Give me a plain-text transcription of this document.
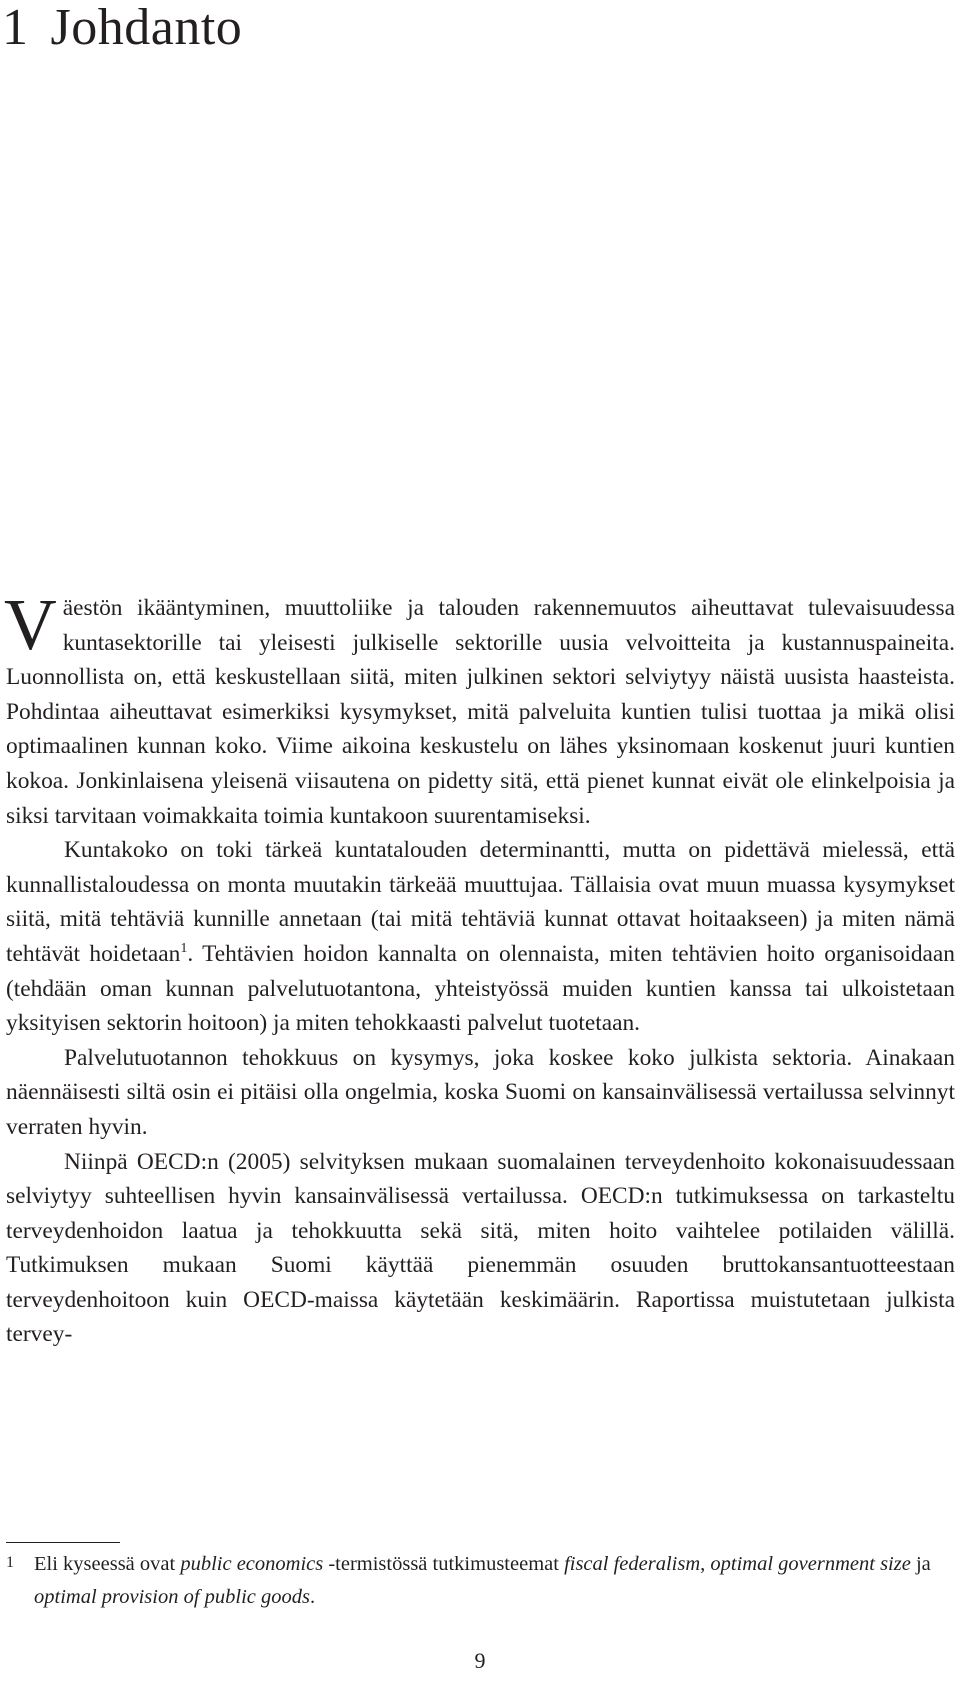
1 Johdanto

Väestön ikääntyminen, muuttoliike ja talouden rakennemuutos aiheuttavat tulevaisuudessa kuntasektorille tai yleisesti julkiselle sektorille uusia velvoitteita ja kustannuspaineita. Luonnollista on, että keskustellaan siitä, miten julkinen sektori selviytyy näistä uusista haasteista. Pohdintaa aiheuttavat esimerkiksi kysymykset, mitä palveluita kuntien tulisi tuottaa ja mikä olisi optimaalinen kunnan koko. Viime aikoina keskustelu on lähes yksinomaan koskenut juuri kuntien kokoa. Jonkinlaisena yleisenä viisautena on pidetty sitä, että pienet kunnat eivät ole elinkelpoisia ja siksi tarvitaan voimakkaita toimia kuntakoon suurentamiseksi.

Kuntakoko on toki tärkeä kuntatalouden determinantti, mutta on pidettävä mielessä, että kunnallistaloudessa on monta muutakin tärkeää muuttujaa. Tällaisia ovat muun muassa kysymykset siitä, mitä tehtäviä kunnille annetaan (tai mitä tehtäviä kunnat ottavat hoitaakseen) ja miten nämä tehtävät hoidetaan$^1$. Tehtävien hoidon kannalta on olennaista, miten tehtävien hoito organisoidaan (tehdään oman kunnan palvelutuotantona, yhteistyössä muiden kuntien kanssa tai ulkoistetaan yksityisen sektorin hoitoon) ja miten tehokkaasti palvelut tuotetaan.

Palvelutuotannon tehokkuus on kysymys, joka koskee koko julkista sektoria. Ainakaan näennäisesti siltä osin ei pitäisi olla ongelmia, koska Suomi on kansainvälisessä vertailussa selvinnyt verraten hyvin.

Niinpä OECD:n (2005) selvityksen mukaan suomalainen terveydenhoito kokonaisuudessaan selviytyy suhteellisen hyvin kansainvälisessä vertailussa. OECD:n tutkimuksessa on tarkasteltu terveydenhoidon laatua ja tehokkuutta sekä sitä, miten hoito vaihtelee potilaiden välillä. Tutkimuksen mukaan Suomi käyttää pienemmän osuuden bruttokansantuotteestaan terveydenhoitoon kuin OECD-maissa käytetään keskimäärin. Raportissa muistutetaan julkista tervey-

1 Eli kyseessä ovat public economics -termistössä tutkimusteemat fiscal federalism, optimal government size ja optimal provision of public goods.

9
